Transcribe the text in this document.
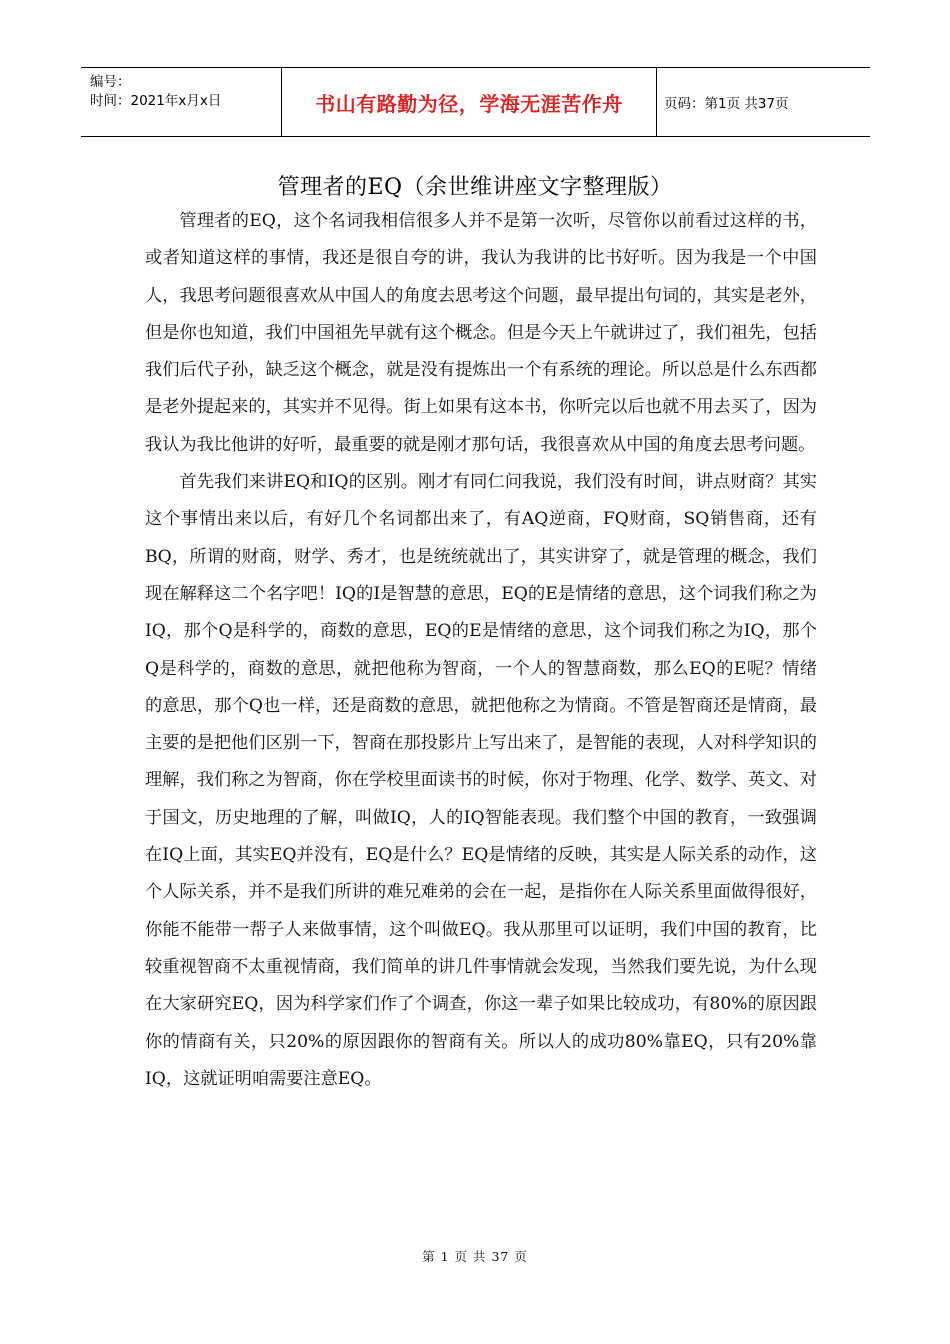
编号：
时间：2021年x月x日	书山有路勤为径，学海无涯苦作舟	页码：第1页 共37页
管理者的EQ（余世维讲座文字整理版）

管理者的EQ，这个名词我相信很多人并不是第一次听，尽管你以前看过这样的书，或者知道这样的事情，我还是很自夸的讲，我认为我讲的比书好听。因为我是一个中国人，我思考问题很喜欢从中国人的角度去思考这个问题，最早提出句词的，其实是老外，但是你也知道，我们中国祖先早就有这个概念。但是今天上午就讲过了，我们祖先，包括我们后代子孙，缺乏这个概念，就是没有提炼出一个有系统的理论。所以总是什么东西都是老外提起来的，其实并不见得。街上如果有这本书，你听完以后也就不用去买了，因为我认为我比他讲的好听，最重要的就是刚才那句话，我很喜欢从中国的角度去思考问题。

首先我们来讲EQ和IQ的区别。刚才有同仁问我说，我们没有时间，讲点财商？其实这个事情出来以后，有好几个名词都出来了，有AQ逆商，FQ财商，SQ销售商，还有BQ，所谓的财商，财学、秀才，也是统统就出了，其实讲穿了，就是管理的概念，我们现在解释这二个名字吧！IQ的I是智慧的意思，EQ的E是情绪的意思，这个词我们称之为IQ，那个Q是科学的，商数的意思，EQ的E是情绪的意思，这个词我们称之为IQ，那个Q是科学的，商数的意思，就把他称为智商，一个人的智慧商数，那么EQ的E呢？情绪的意思，那个Q也一样，还是商数的意思，就把他称之为情商。不管是智商还是情商，最主要的是把他们区别一下，智商在那投影片上写出来了，是智能的表现，人对科学知识的理解，我们称之为智商，你在学校里面读书的时候，你对于物理、化学、数学、英文、对于国文，历史地理的了解，叫做IQ，人的IQ智能表现。我们整个中国的教育，一致强调在IQ上面，其实EQ并没有，EQ是什么？EQ是情绪的反映，其实是人际关系的动作，这个人际关系，并不是我们所讲的难兄难弟的会在一起，是指你在人际关系里面做得很好，你能不能带一帮子人来做事情，这个叫做EQ。我从那里可以证明，我们中国的教育，比较重视智商不太重视情商，我们简单的讲几件事情就会发现，当然我们要先说，为什么现在大家研究EQ，因为科学家们作了个调查，你这一辈子如果比较成功，有80%的原因跟你的情商有关，只20%的原因跟你的智商有关。所以人的成功80%靠EQ，只有20%靠IQ，这就证明咱需要注意EQ。

第 1 页 共 37 页
